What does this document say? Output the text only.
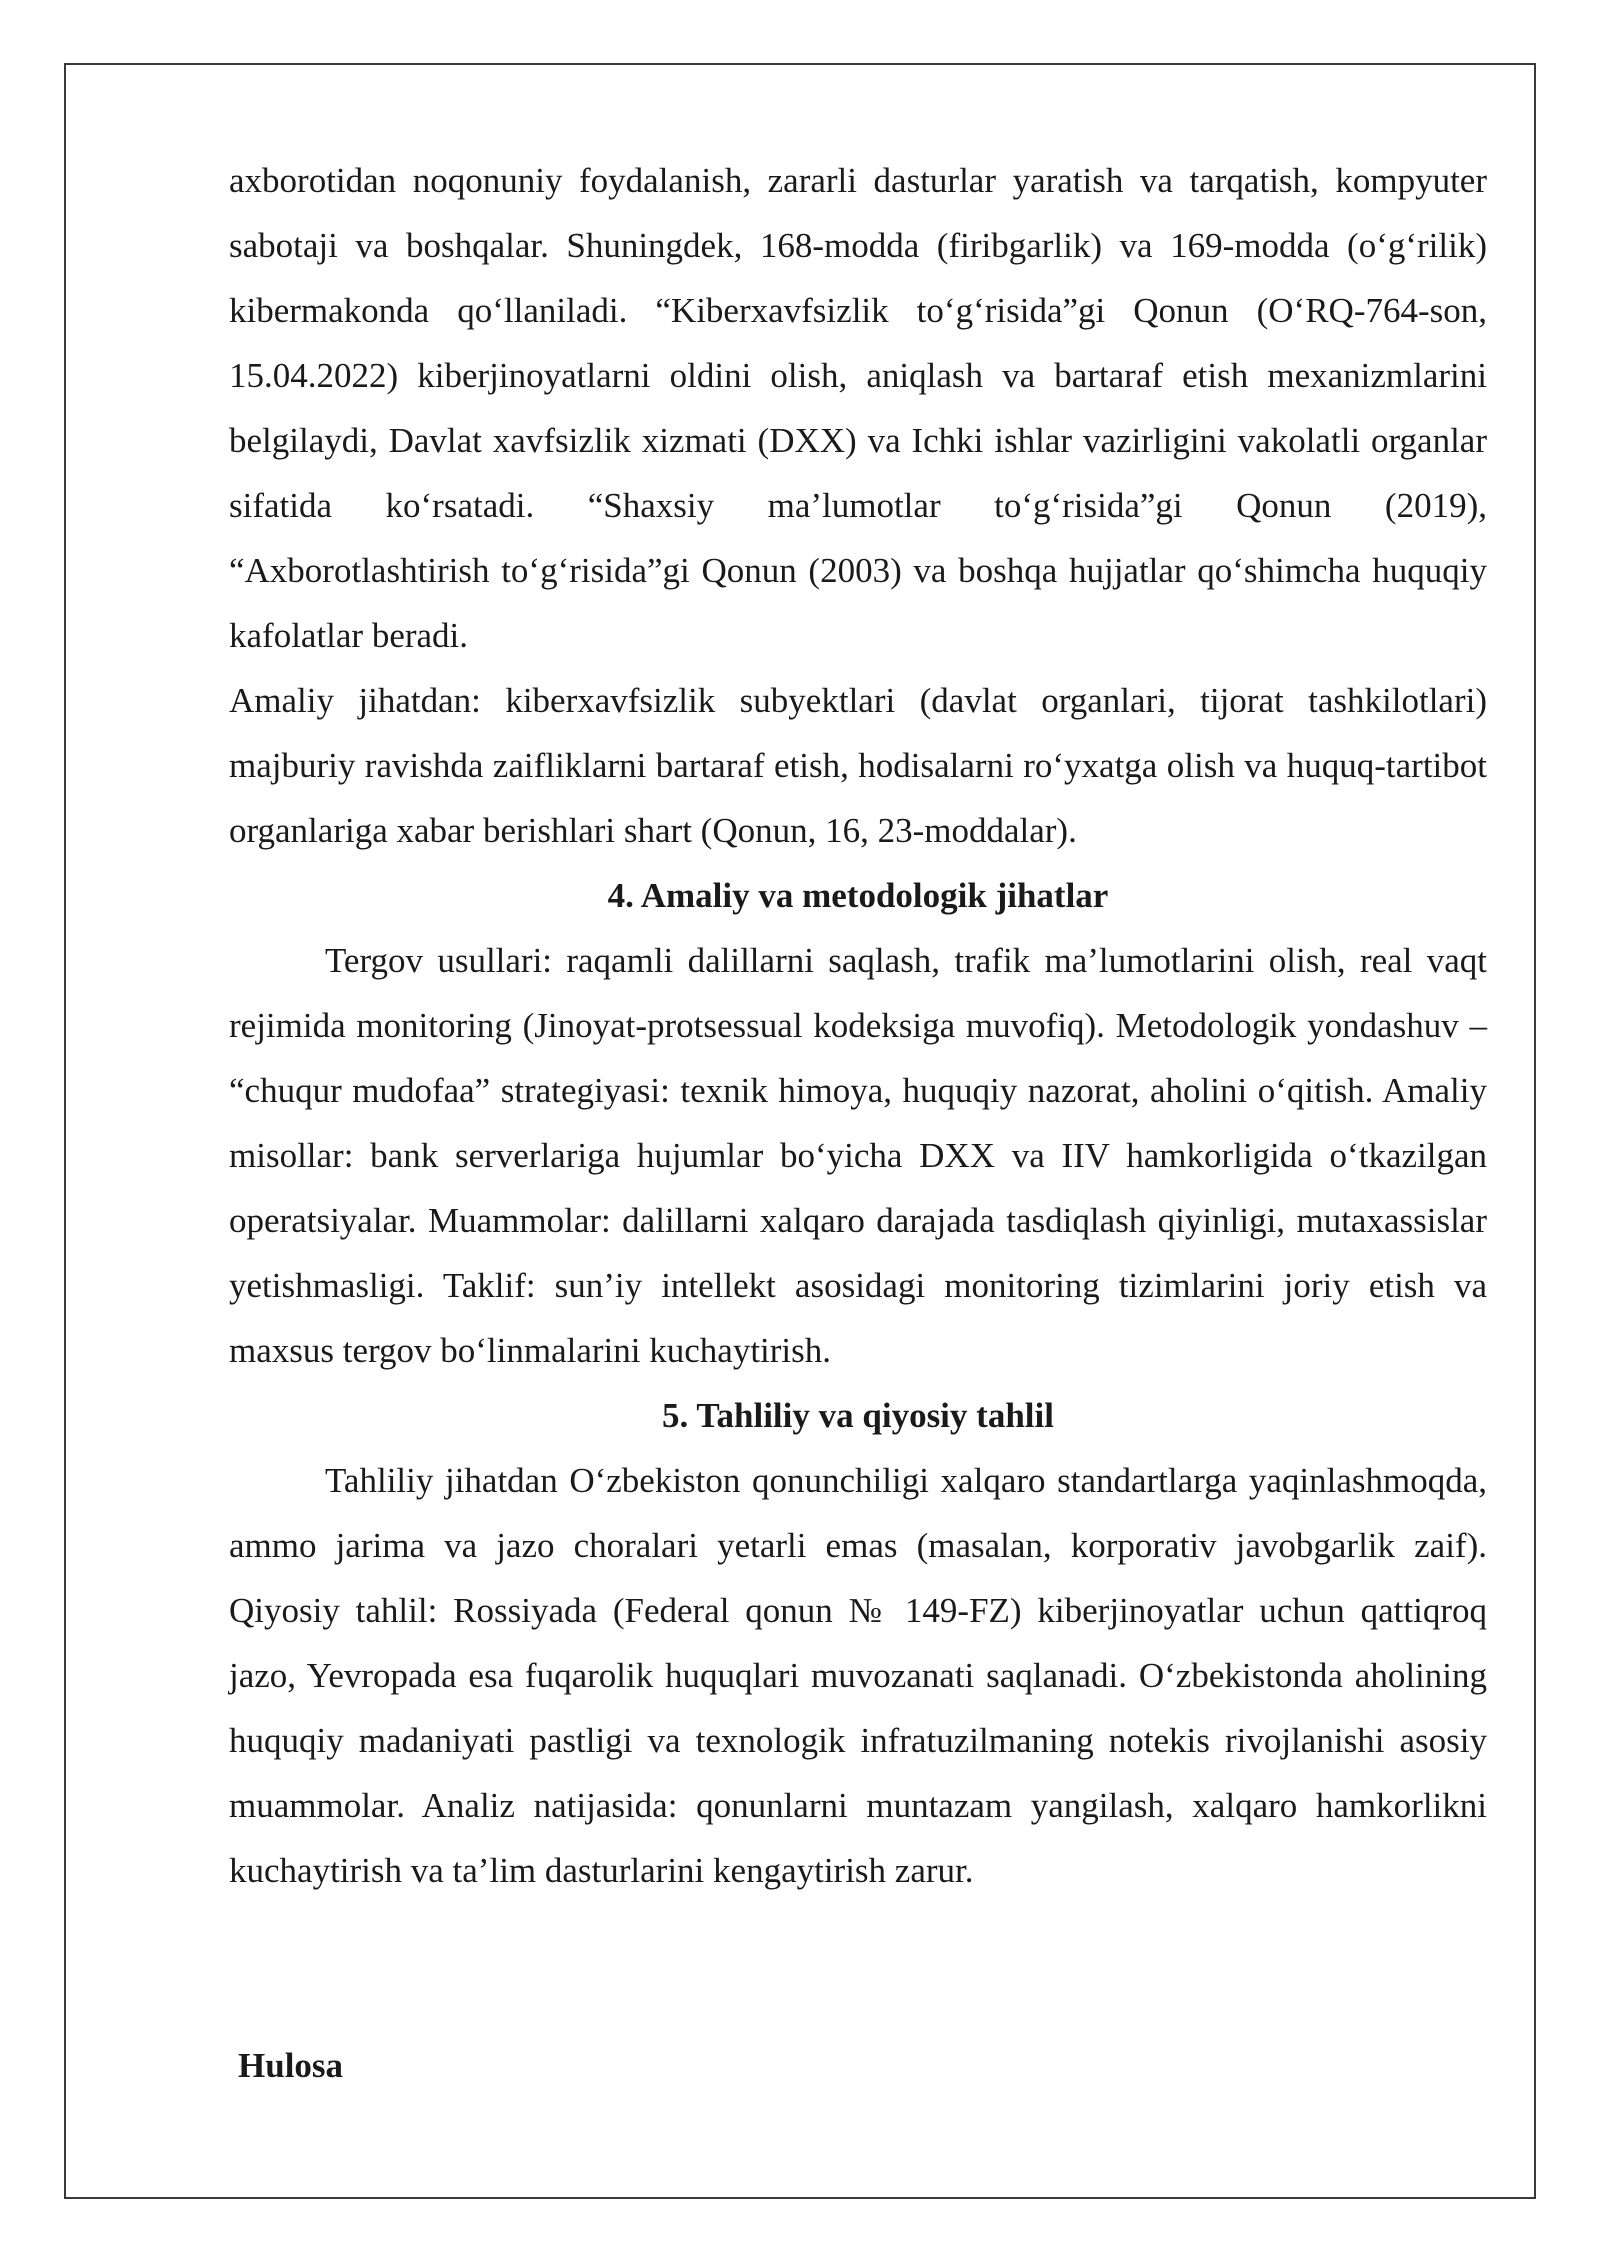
axborotidan noqonuniy foydalanish, zararli dasturlar yaratish va tarqatish, kompyuter sabotaji va boshqalar. Shuningdek, 168-modda (firibgarlik) va 169-modda (o‘g‘rilik) kibermakonda qo‘llaniladi. “Kiberxavfsizlik to‘g‘risida”gi Qonun (O‘RQ-764-son, 15.04.2022) kiberjinoyatlarni oldini olish, aniqlash va bartaraf etish mexanizmlarini belgilaydi, Davlat xavfsizlik xizmati (DXX) va Ichki ishlar vazirligini vakolatli organlar sifatida ko‘rsatadi. “Shaxsiy ma’lumotlar to‘g‘risida”gi Qonun (2019), “Axborotlashtirish to‘g‘risida”gi Qonun (2003) va boshqa hujjatlar qo‘shimcha huquqiy kafolatlar beradi.

Amaliy jihatdan: kiberxavfsizlik subyektlari (davlat organlari, tijorat tashkilotlari) majburiy ravishda zaifliklarni bartaraf etish, hodisalarni ro‘yxatga olish va huquq-tartibot organlariga xabar berishlari shart (Qonun, 16, 23-moddalar).

4. Amaliy va metodologik jihatlar

Tergov usullari: raqamli dalillarni saqlash, trafik ma’lumotlarini olish, real vaqt rejimida monitoring (Jinoyat-protsessual kodeksiga muvofiq). Metodologik yondashuv – “chuqur mudofaa” strategiyasi: texnik himoya, huquqiy nazorat, aholini o‘qitish. Amaliy misollar: bank serverlariga hujumlar bo‘yicha DXX va IIV hamkorligida o‘tkazilgan operatsiyalar. Muammolar: dalillarni xalqaro darajada tasdiqlash qiyinligi, mutaxassislar yetishmasligi. Taklif: sun’iy intellekt asosidagi monitoring tizimlarini joriy etish va maxsus tergov bo‘linmalarini kuchaytirish.

5. Tahliliy va qiyosiy tahlil

Tahliliy jihatdan O‘zbekiston qonunchiligi xalqaro standartlarga yaqinlashmoqda, ammo jarima va jazo choralari yetarli emas (masalan, korporativ javobgarlik zaif). Qiyosiy tahlil: Rossiyada (Federal qonun № 149-FZ) kiberjinoyatlar uchun qattiqroq jazo, Yevropada esa fuqarolik huquqlari muvozanati saqlanadi. O‘zbekistonda aholining huquqiy madaniyati pastligi va texnologik infratuzilmaning notekis rivojlanishi asosiy muammolar. Analiz natijasida: qonunlarni muntazam yangilash, xalqaro hamkorlikni kuchaytirish va ta’lim dasturlarini kengaytirish zarur.

Hulosa
